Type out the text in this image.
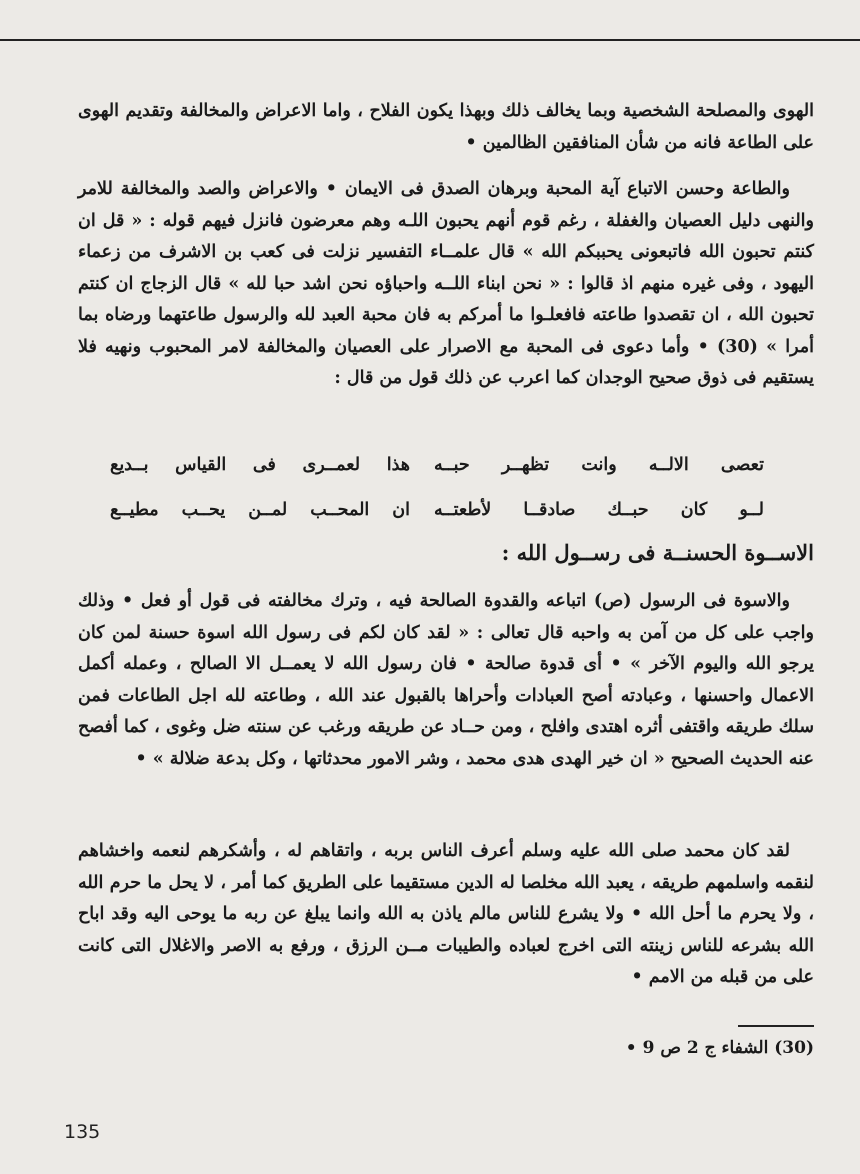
الهوى والمصلحة الشخصية وبما يخالف ذلك وبهذا يكون الفلاح ، واما الاعراض والمخالفة وتقديم الهوى على الطاعة فانه من شأن المنافقين الظالمين •

والطاعة وحسن الاتباع آية المحبة وبرهان الصدق فى الايمان • والاعراض والصد والمخالفة للامر والنهى دليل العصيان والغفلة ، رغم قوم أنهم يحبون اللـه وهم معرضون فانزل فيهم قوله : « قل ان كنتم تحبون الله فاتبعونى يحببكم الله » قال علمــاء التفسير نزلت فى كعب بن الاشرف من زعماء اليهود ، وفى غيره منهم اذ قالوا : « نحن ابناء اللــه واحباؤه نحن اشد حبا لله » قال الزجاج ان كنتم تحبون الله ، ان تقصدوا طاعته فافعلـوا ما أمركم به فان محبة العبد لله والرسول طاعتهما ورضاه بما أمرا » (30) • وأما دعوى فى المحبة مع الاصرار على العصيان والمخالفة لامر المحبوب ونهيه فلا يستقيم فى ذوق صحيح الوجدان كما اعرب عن ذلك قول من قال :

تعصى الالــه وانت تظهــر حبــه
هذا لعمــرى فى القياس بــديع
لــو كان حبــك صادقــا لأطعتــه
ان المحــب لمــن يحــب مطيــع
الاســوة الحسنــة فى رســول الله :

والاسوة فى الرسول (ص) اتباعه والقدوة الصالحة فيه ، وترك مخالفته فى قول أو فعل • وذلك واجب على كل من آمن به واحبه قال تعالى : « لقد كان لكم فى رسول الله اسوة حسنة لمن كان يرجو الله واليوم الآخر » • أى قدوة صالحة • فان رسول الله لا يعمــل الا الصالح ، وعمله أكمل الاعمال واحسنها ، وعبادته أصح العبادات وأحراها بالقبول عند الله ، وطاعته لله اجل الطاعات فمن سلك طريقه واقتفى أثره اهتدى وافلح ، ومن حــاد عن طريقه ورغب عن سنته ضل وغوى ، كما أفصح عنه الحديث الصحيح « ان خير الهدى هدى محمد ، وشر الامور محدثاتها ، وكل بدعة ضلالة » •

لقد كان محمد صلى الله عليه وسلم أعرف الناس بربه ، واتقاهم له ، وأشكرهم لنعمه واخشاهم لنقمه واسلمهم طريقه ، يعبد الله مخلصا له الدين مستقيما على الطريق كما أمر ، لا يحل ما حرم الله ، ولا يحرم ما أحل الله • ولا يشرع للناس مالم ياذن به الله وانما يبلغ عن ربه ما يوحى اليه وقد اباح الله بشرعه للناس زينته التى اخرج لعباده والطيبات مــن الرزق ، ورفع به الاصر والاغلال التى كانت على من قبله من الامم •

(30) الشفاء ج 2 ص 9 •
135
